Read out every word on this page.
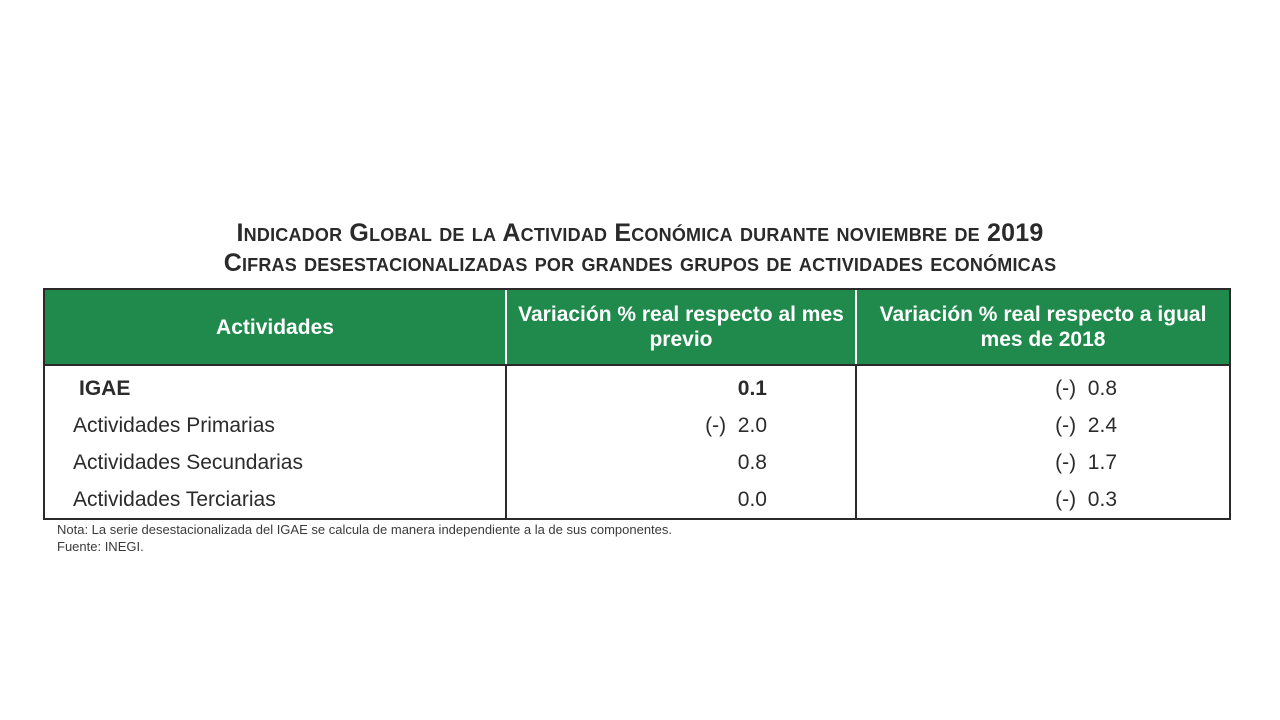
Indicador Global de la Actividad Económica durante noviembre de 2019
Cifras desestacionalizadas por grandes grupos de actividades económicas
Actividades	Variación % real respecto al mes previo	Variación % real respecto a igual mes de 2018
IGAE	0.1	(-)  0.8
Actividades Primarias	(-)  2.0	(-)  2.4
Actividades Secundarias	0.8	(-)  1.7
Actividades Terciarias	0.0	(-)  0.3
Nota: La serie desestacionalizada del IGAE se calcula de manera independiente a la de sus componentes.
Fuente: INEGI.
